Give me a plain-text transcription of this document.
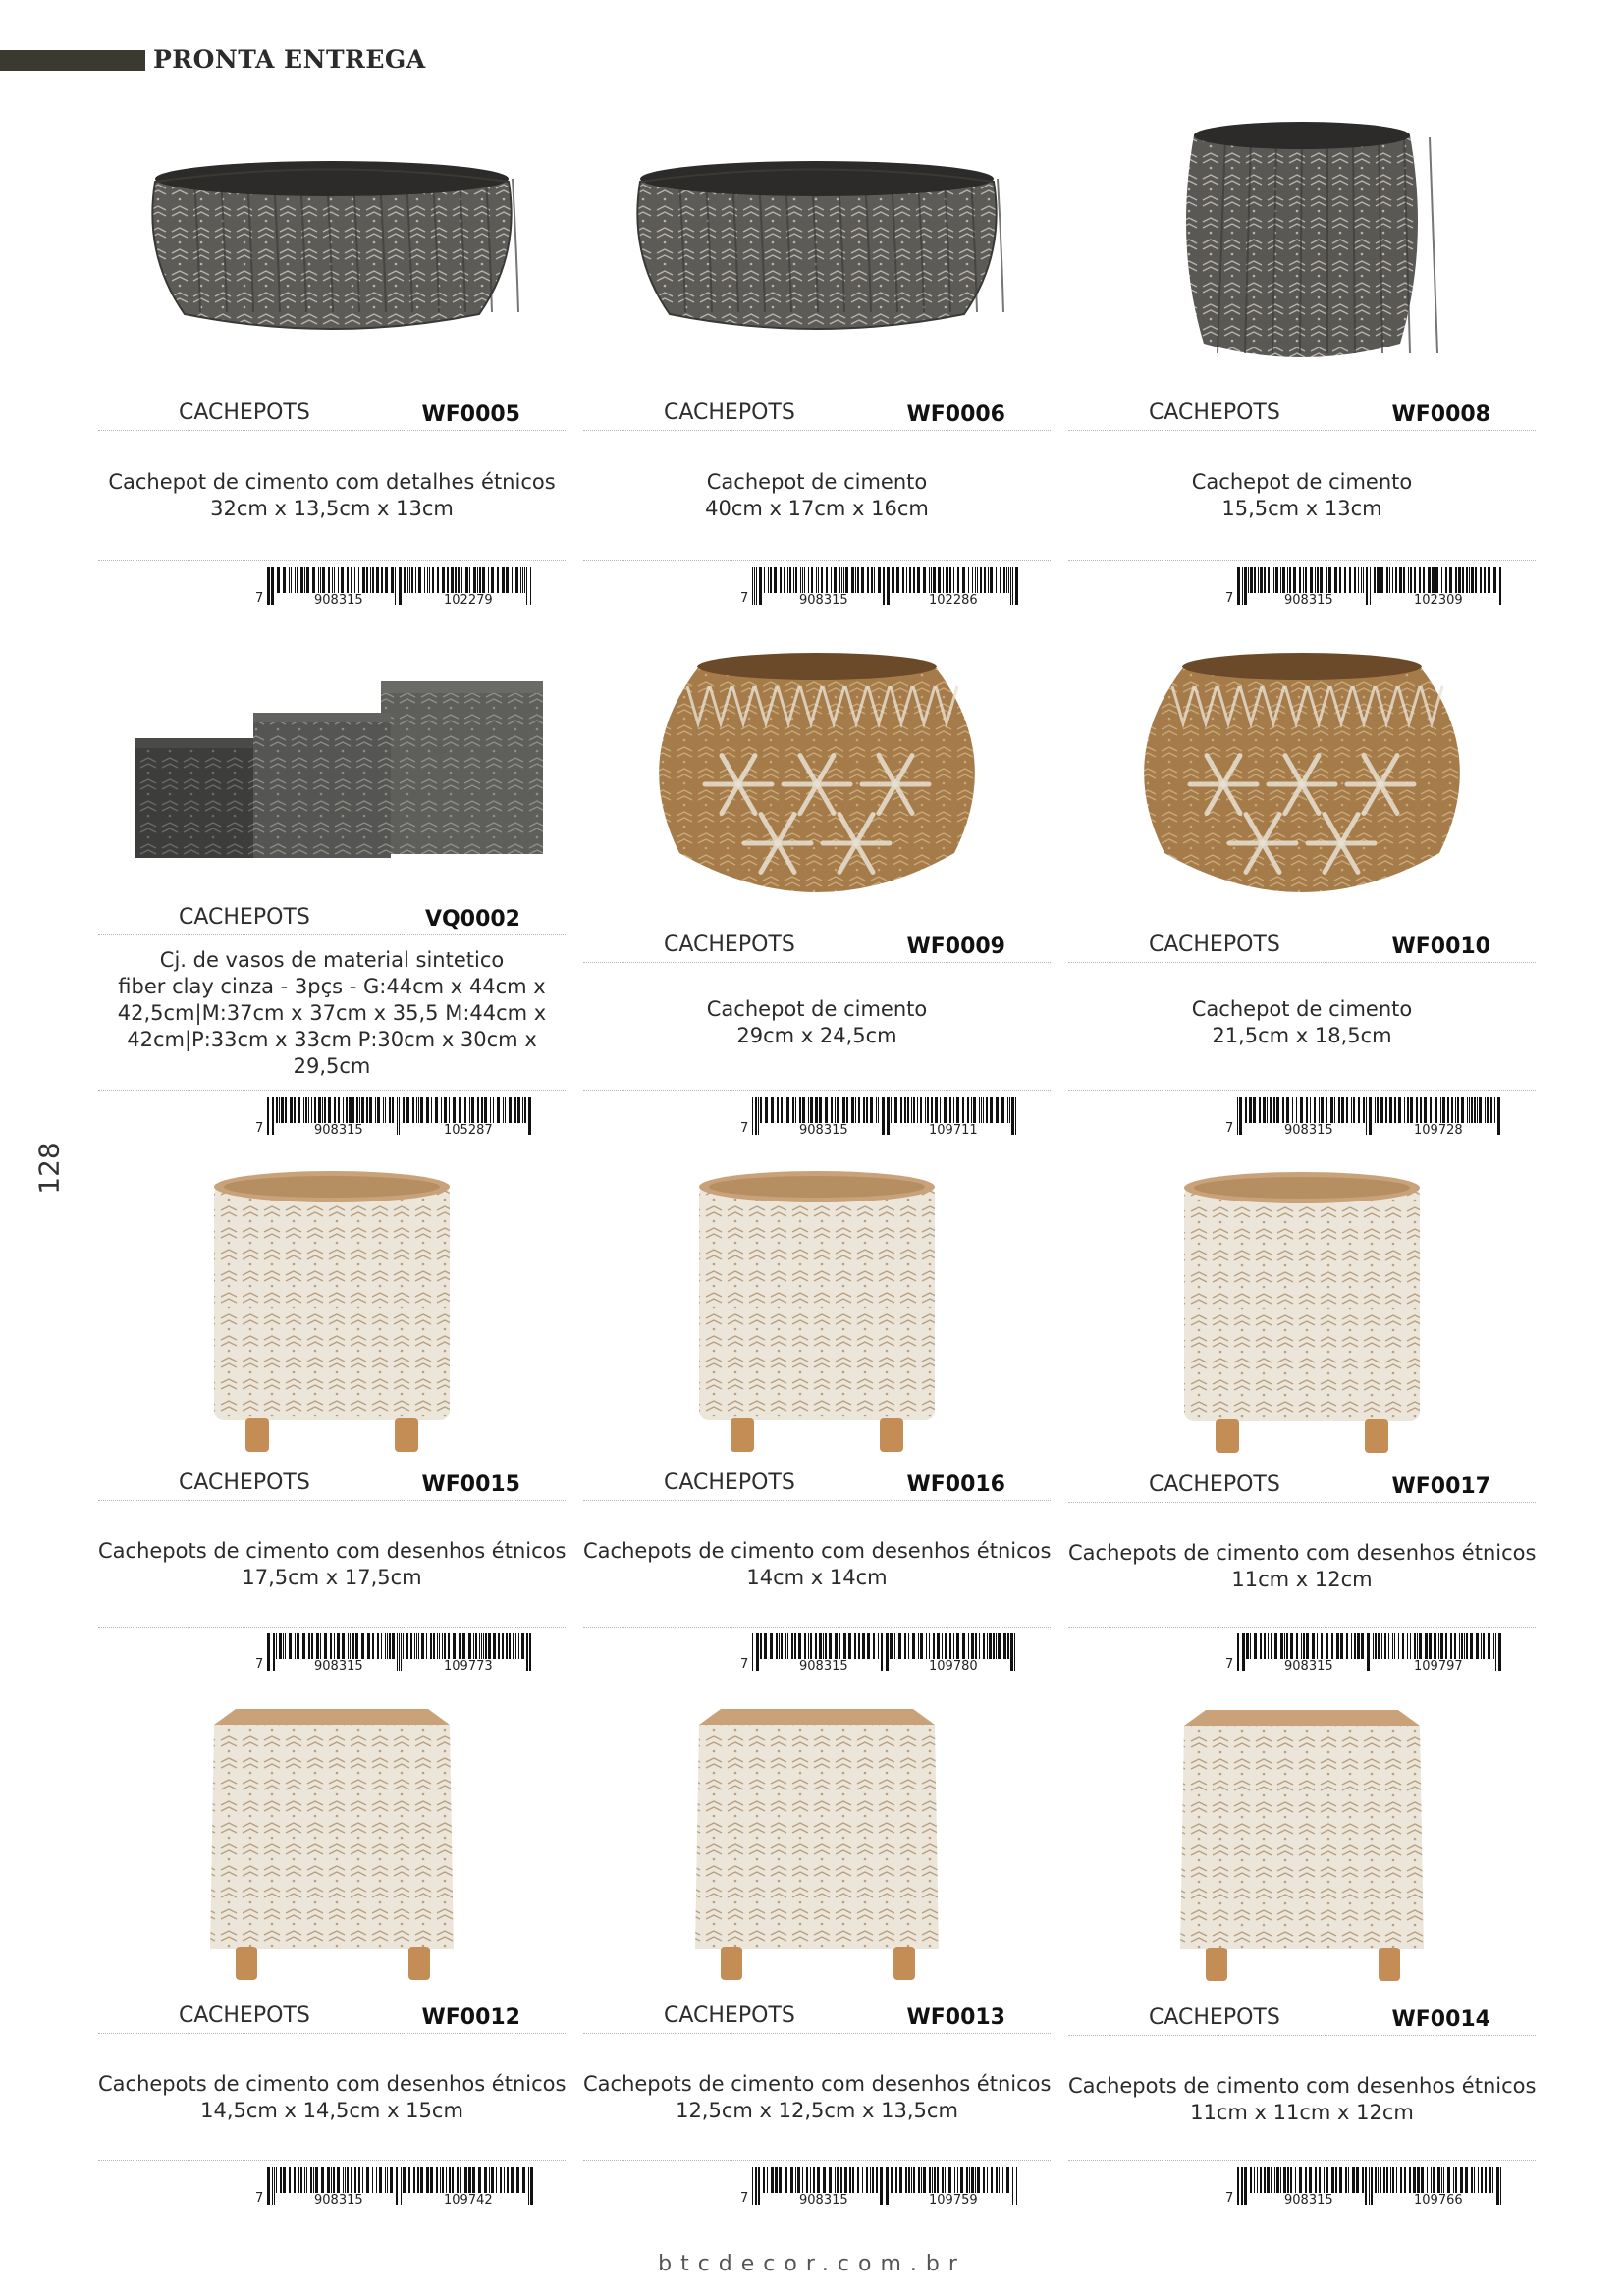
PRONTA ENTREGA
128
btcdecor.com.br
CACHEPOTS	WF0005
Cachepot de cimento com detalhes étnicos
32cm x 13,5cm x 13cm
7	908315	102279
CACHEPOTS	WF0006
Cachepot de cimento
40cm x 17cm x 16cm
7	908315	102286
CACHEPOTS	WF0008
Cachepot de cimento
15,5cm x 13cm
7	908315	102309
CACHEPOTS	VQ0002
Cj. de vasos de material sintetico
fiber clay cinza - 3pçs - G:44cm x 44cm x
42,5cm|M:37cm x 37cm x 35,5 M:44cm x
42cm|P:33cm x 33cm P:30cm x 30cm x
29,5cm
7	908315	105287
CACHEPOTS	WF0009
Cachepot de cimento
29cm x 24,5cm
7	908315	109711
CACHEPOTS	WF0010
Cachepot de cimento
21,5cm x 18,5cm
7	908315	109728
CACHEPOTS	WF0015
Cachepots de cimento com desenhos étnicos
17,5cm x 17,5cm
7	908315	109773
CACHEPOTS	WF0016
Cachepots de cimento com desenhos étnicos
14cm x 14cm
7	908315	109780
CACHEPOTS	WF0017
Cachepots de cimento com desenhos étnicos
11cm x 12cm
7	908315	109797
CACHEPOTS	WF0012
Cachepots de cimento com desenhos étnicos
14,5cm x 14,5cm x 15cm
7	908315	109742
CACHEPOTS	WF0013
Cachepots de cimento com desenhos étnicos
12,5cm x 12,5cm x 13,5cm
7	908315	109759
CACHEPOTS	WF0014
Cachepots de cimento com desenhos étnicos
11cm x 11cm x 12cm
7	908315	109766
